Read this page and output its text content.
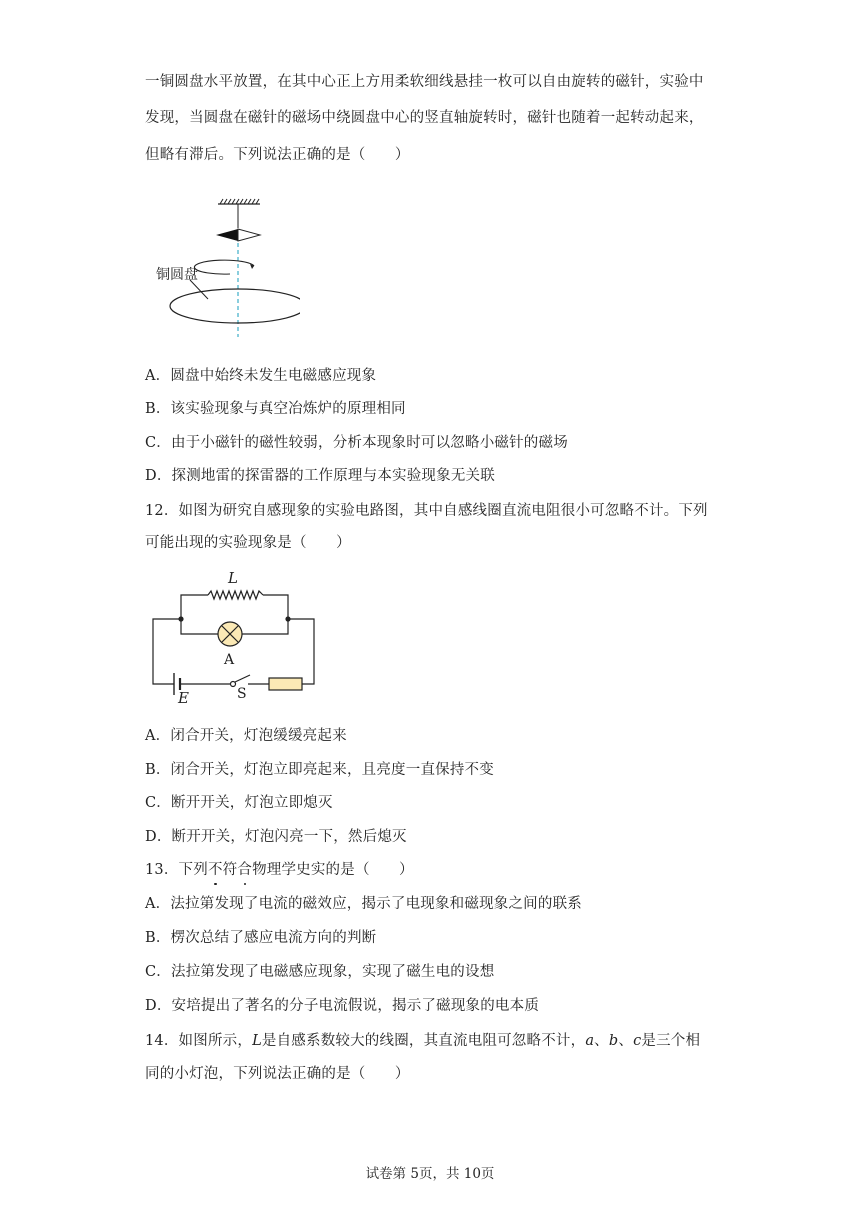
一铜圆盘水平放置，在其中心正上方用柔软细线悬挂一枚可以自由旋转的磁针，实验中
发现，当圆盘在磁针的磁场中绕圆盘中心的竖直轴旋转时，磁针也随着一起转动起来，
但略有滞后。下列说法正确的是（　　）
铜圆盘
A．圆盘中始终未发生电磁感应现象
B．该实验现象与真空冶炼炉的原理相同
C．由于小磁针的磁性较弱，分析本现象时可以忽略小磁针的磁场
D．探测地雷的探雷器的工作原理与本实验现象无关联
12．如图为研究自感现象的实验电路图，其中自感线圈直流电阻很小可忽略不计。下列
可能出现的实验现象是（　　）
L
A
E	S
A．闭合开关，灯泡缓缓亮起来
B．闭合开关，灯泡立即亮起来，且亮度一直保持不变
C．断开开关，灯泡立即熄灭
D．断开开关，灯泡闪亮一下，然后熄灭
13．下列不符合物理学史实的是（　　）
A．法拉第发现了电流的磁效应，揭示了电现象和磁现象之间的联系
B．楞次总结了感应电流方向的判断
C．法拉第发现了电磁感应现象，实现了磁生电的设想
D．安培提出了著名的分子电流假说，揭示了磁现象的电本质
14．如图所示，L是自感系数较大的线圈，其直流电阻可忽略不计，a、b、c是三个相
同的小灯泡，下列说法正确的是（　　）
试卷第 5页，共 10页
